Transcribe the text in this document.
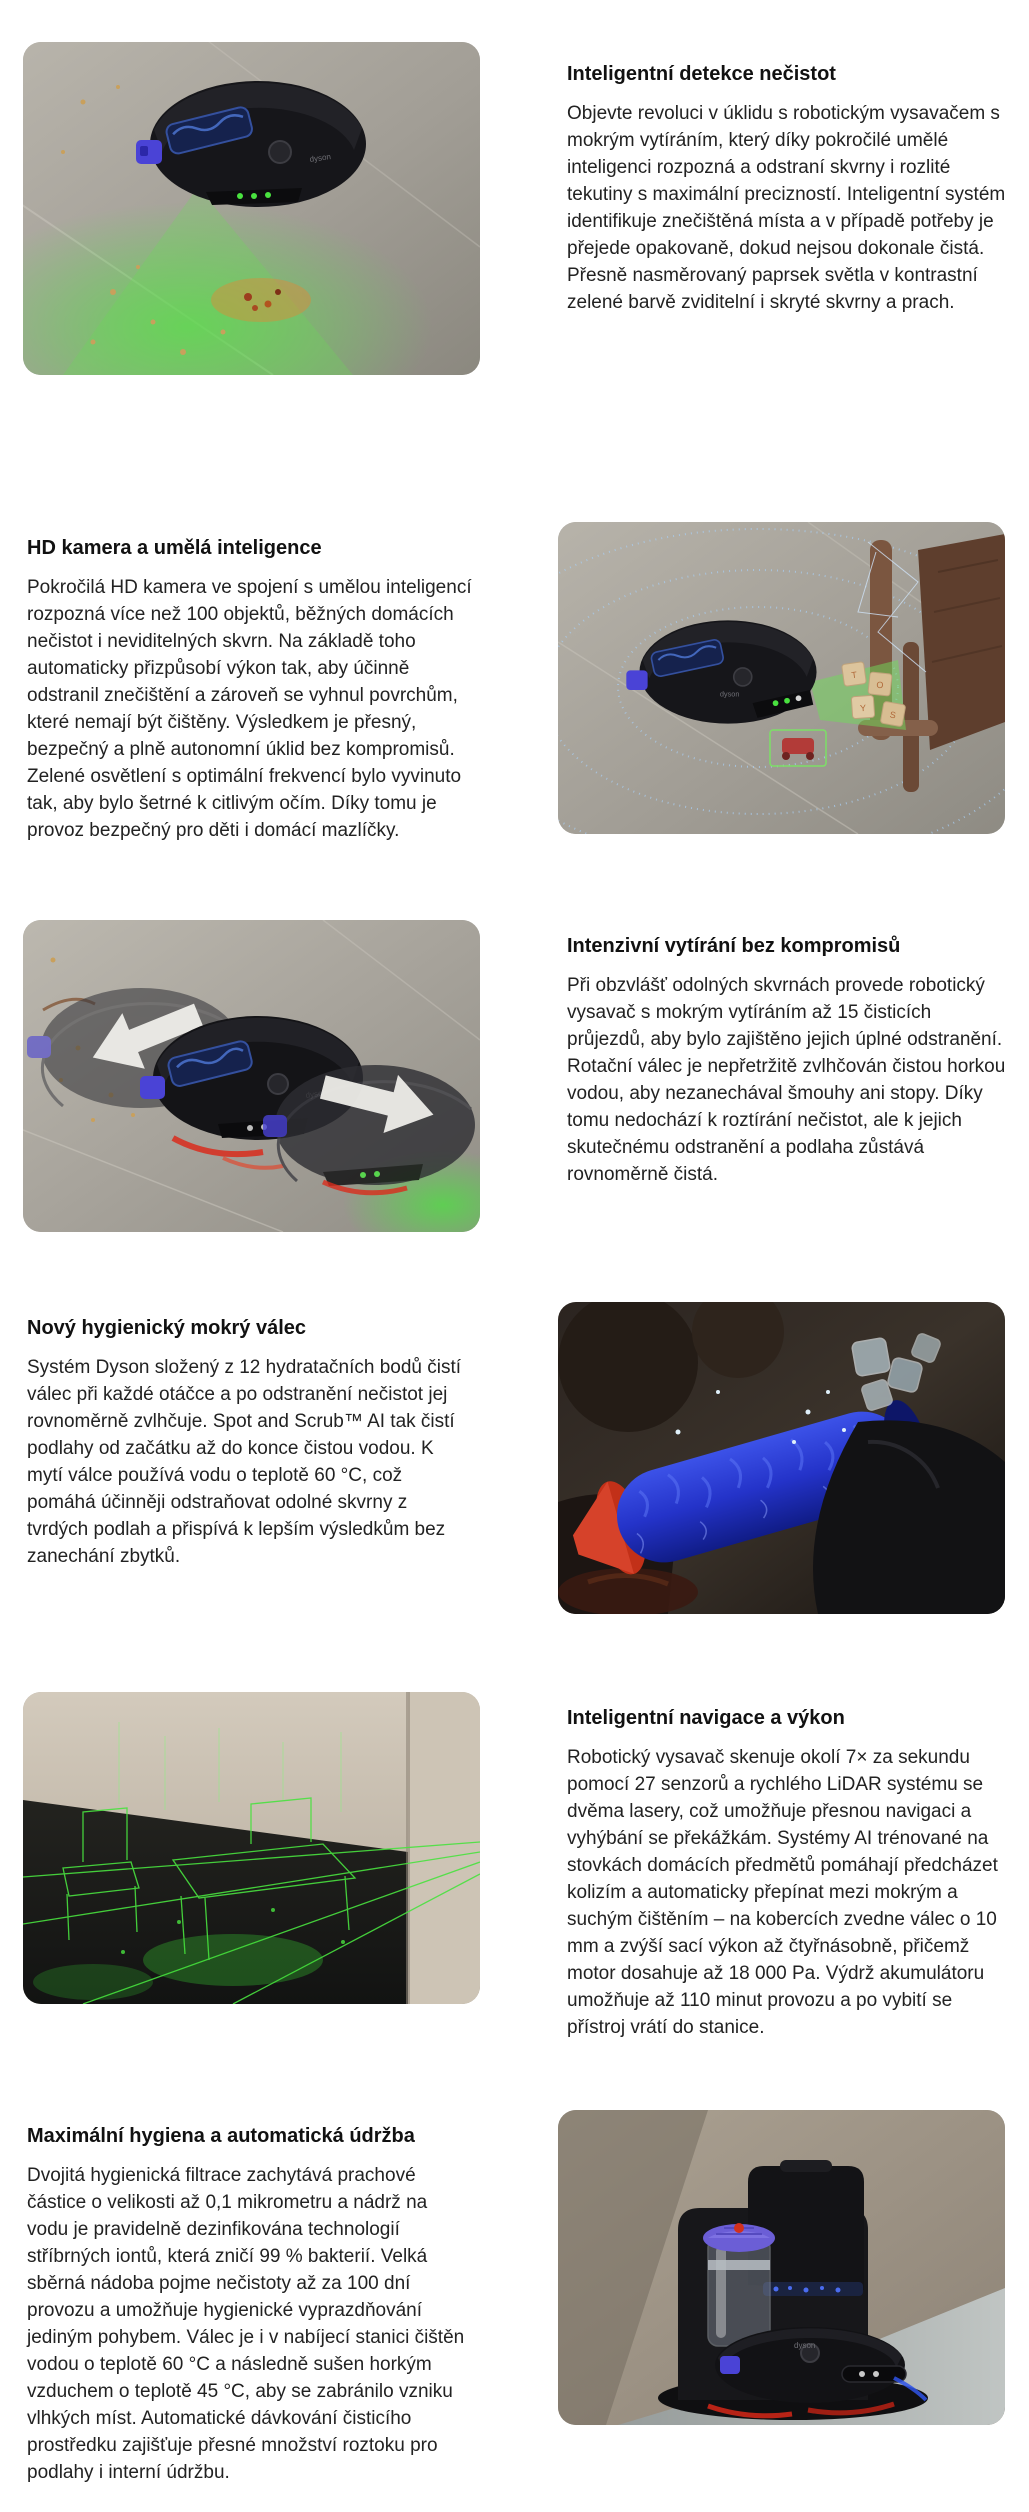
dyson
Inteligentní detekce nečistot

Objevte revoluci v úklidu s robotickým vysavačem s mokrým vytíráním, který díky pokročilé umělé inteligenci rozpozná a odstraní skvrny i rozlité tekutiny s maximální precizností. Inteligentní systém identifikuje znečištěná místa a v případě potřeby je přejede opakovaně, dokud nejsou dokonale čistá. Přesně nasměrovaný paprsek světla v kontrastní zelené barvě zviditelní i skryté skvrny a prach.

HD kamera a umělá inteligence

Pokročilá HD kamera ve spojení s umělou inteligencí rozpozná více než 100 objektů, běžných domácích nečistot i neviditelných skvrn. Na základě toho automaticky přizpůsobí výkon tak, aby účinně odstranil znečištění a zároveň se vyhnul povrchům, které nemají být čištěny. Výsledkem je přesný, bezpečný a plně autonomní úklid bez kompromisů. Zelené osvětlení s optimální frekvencí bylo vyvinuto tak, aby bylo šetrné k citlivým očím. Díky tomu je provoz bezpečný pro děti i domácí mazlíčky.

T
O
Y
S
dyson
Intenzivní vytírání bez kompromisů

Při obzvlášť odolných skvrnách provede robotický vysavač s mokrým vytíráním až 15 čisticích průjezdů, aby bylo zajištěno jejich úplné odstranění. Rotační válec je nepřetržitě zvlhčován čistou horkou vodou, aby nezanechával šmouhy ani stopy. Díky tomu nedochází k roztírání nečistot, ale k jejich skutečnému odstranění a podlaha zůstává rovnoměrně čistá.

Nový hygienický mokrý válec

Systém Dyson složený z 12 hydratačních bodů čistí válec při každé otáčce a po odstranění nečistot jej rovnoměrně zvlhčuje. Spot and Scrub™ AI tak čistí podlahy od začátku až do konce čistou vodou. K mytí válce používá vodu o teplotě 60 °C, což pomáhá účinněji odstraňovat odolné skvrny z tvrdých podlah a přispívá k lepším výsledkům bez zanechání zbytků.

Inteligentní navigace a výkon

Robotický vysavač skenuje okolí 7× za sekundu pomocí 27 senzorů a rychlého LiDAR systému se dvěma lasery, což umožňuje přesnou navigaci a vyhýbání se překážkám. Systémy AI trénované na stovkách domácích předmětů pomáhají předcházet kolizím a automaticky přepínat mezi mokrým a suchým čištěním – na kobercích zvedne válec o 10 mm a zvýší sací výkon až čtyřnásobně, přičemž motor dosahuje až 18 000 Pa. Výdrž akumulátoru umožňuje až 110 minut provozu a po vybití se přístroj vrátí do stanice.

Maximální hygiena a automatická údržba

Dvojitá hygienická filtrace zachytává prachové částice o velikosti až 0,1 mikrometru a nádrž na vodu je pravidelně dezinfikována technologií stříbrných iontů, která zničí 99 % bakterií. Velká sběrná nádoba pojme nečistoty až za 100 dní provozu a umožňuje hygienické vyprazdňování jediným pohybem. Válec je i v nabíjecí stanici čištěn vodou o teplotě 60 °C a následně sušen horkým vzduchem o teplotě 45 °C, aby se zabránilo vzniku vlhkých míst. Automatické dávkování čisticího prostředku zajišťuje přesné množství roztoku pro podlahy i interní údržbu.

dyson
